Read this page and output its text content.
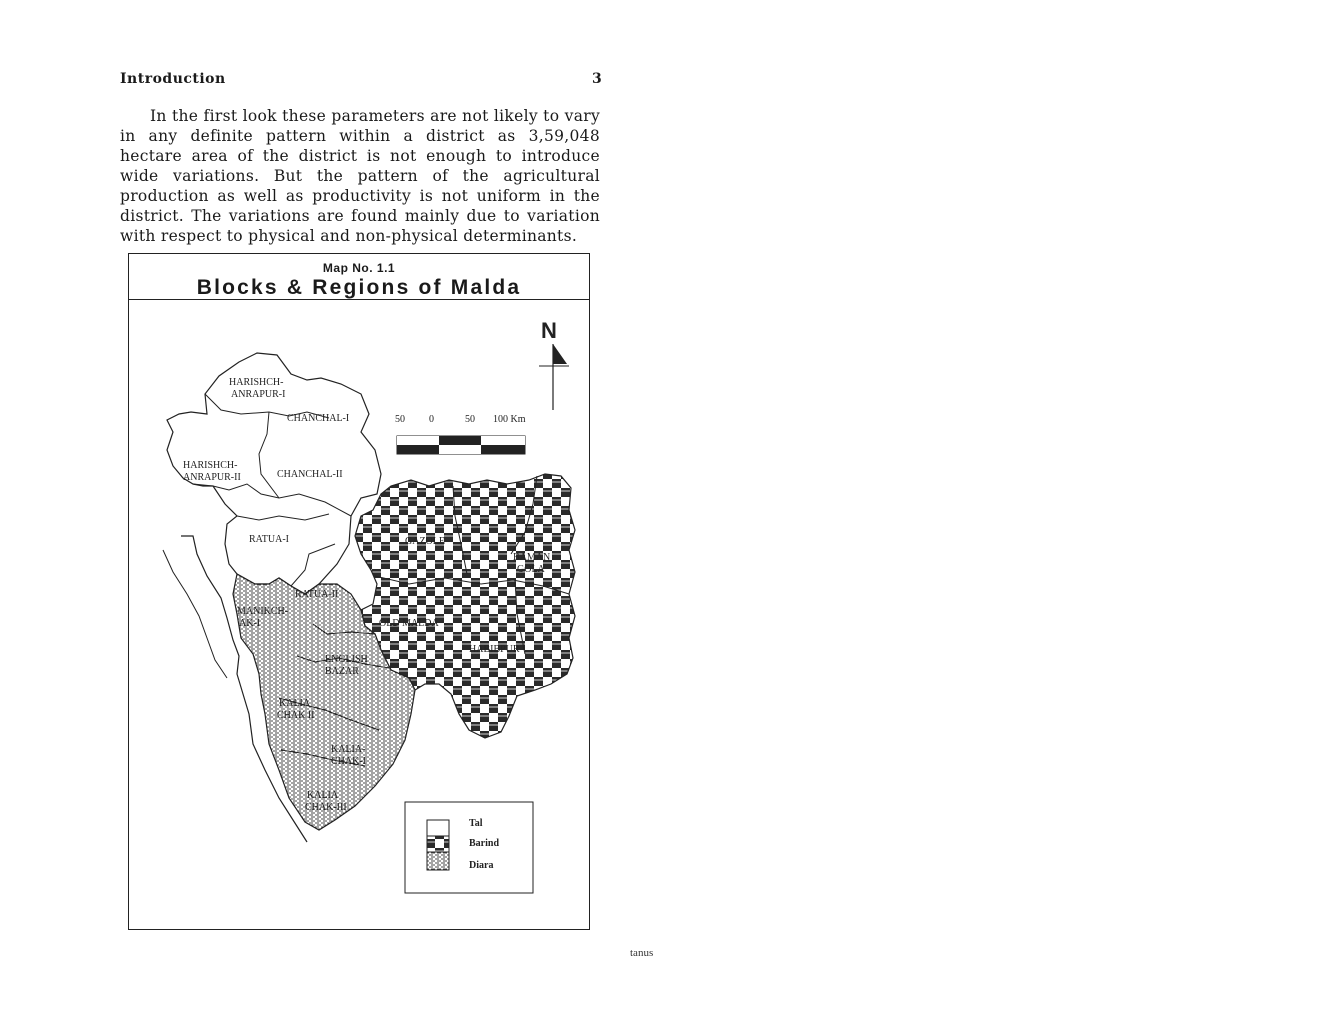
Introduction	3

In the first look these parameters are not likely to vary in any definite pattern within a district as 3,59,048 hectare area of the district is not enough to introduce wide variations. But the pattern of the agricultural production as well as productivity is not uniform in the district. The variations are found mainly due to variation with respect to physical and non-physical determinants.

Map No. 1.1
Blocks & Regions of Malda
HARISHCH-
ANRAPUR-I
CHANCHAL-I
HARISHCH-
ANRAPUR-II	CHANCHAL-II
RATUA-I
RATUA-II
MANIKCH-
AK-I
ENGLISH
BAZAR
KALIA
CHAK II
KALIA-
CHAK-I
KALIA
CHAK-III
GAZOLE
BAMAN
GOLA
OLD MALDA
HABIBPUR
N
50 0	50 100 Km
Tal
Barind
Diara
tanus
